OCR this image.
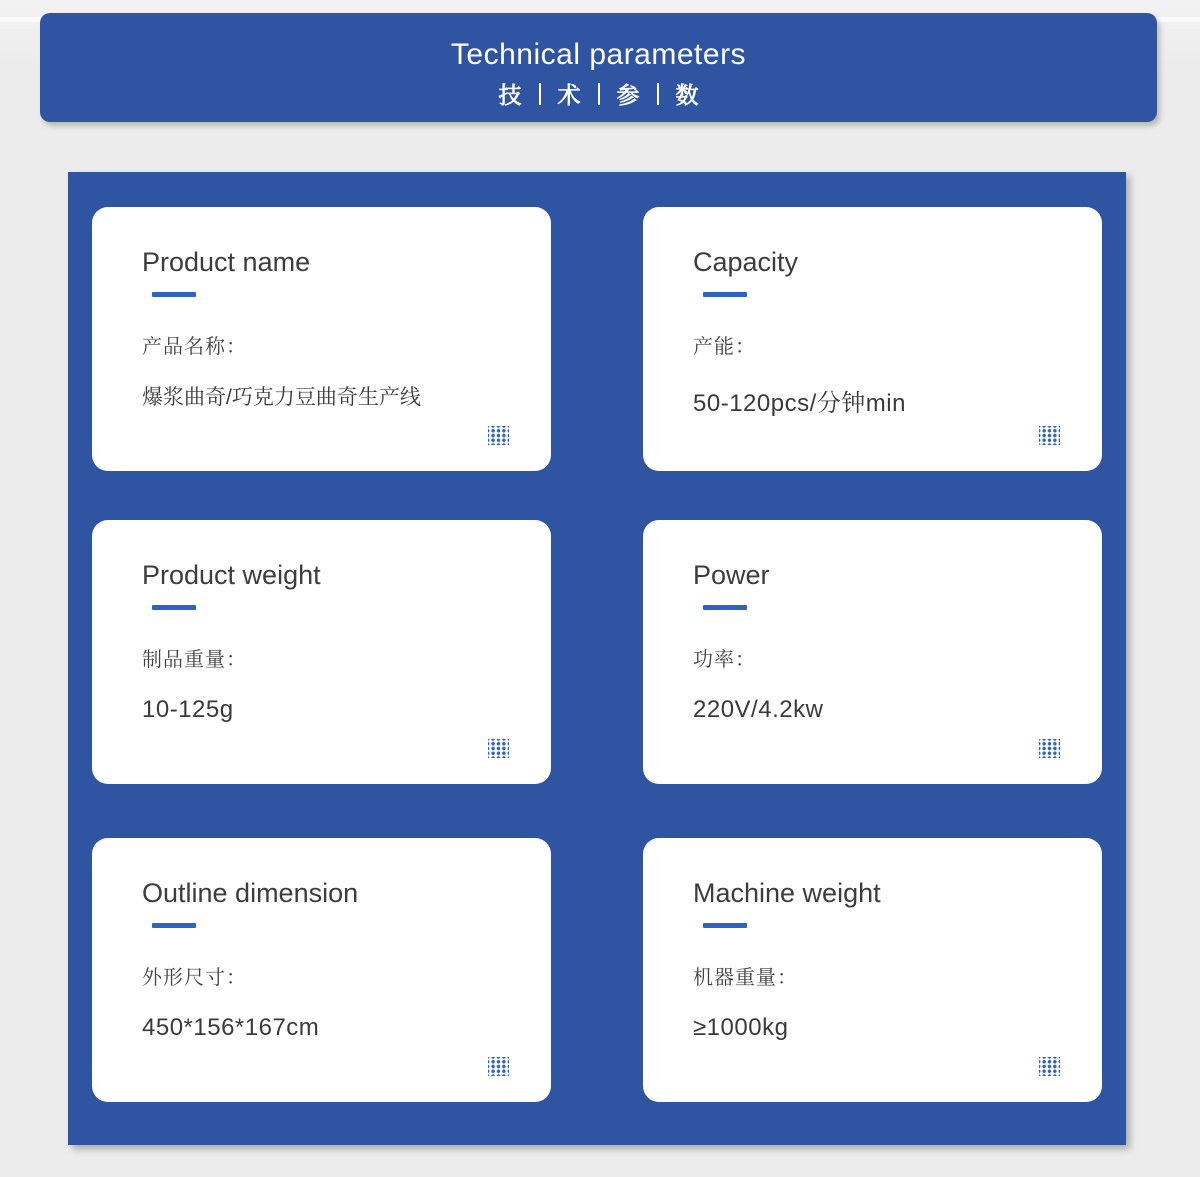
Technical parameters
技 术 参 数
Product name
产品名称：
爆浆曲奇/巧克力豆曲奇生产线
Capacity
产能：
50-120pcs/分钟min
Product weight
制品重量：
10-125g
Power
功率：
220V/4.2kw
Outline dimension
外形尺寸：
450*156*167cm
Machine weight
机器重量：
≥1000kg
